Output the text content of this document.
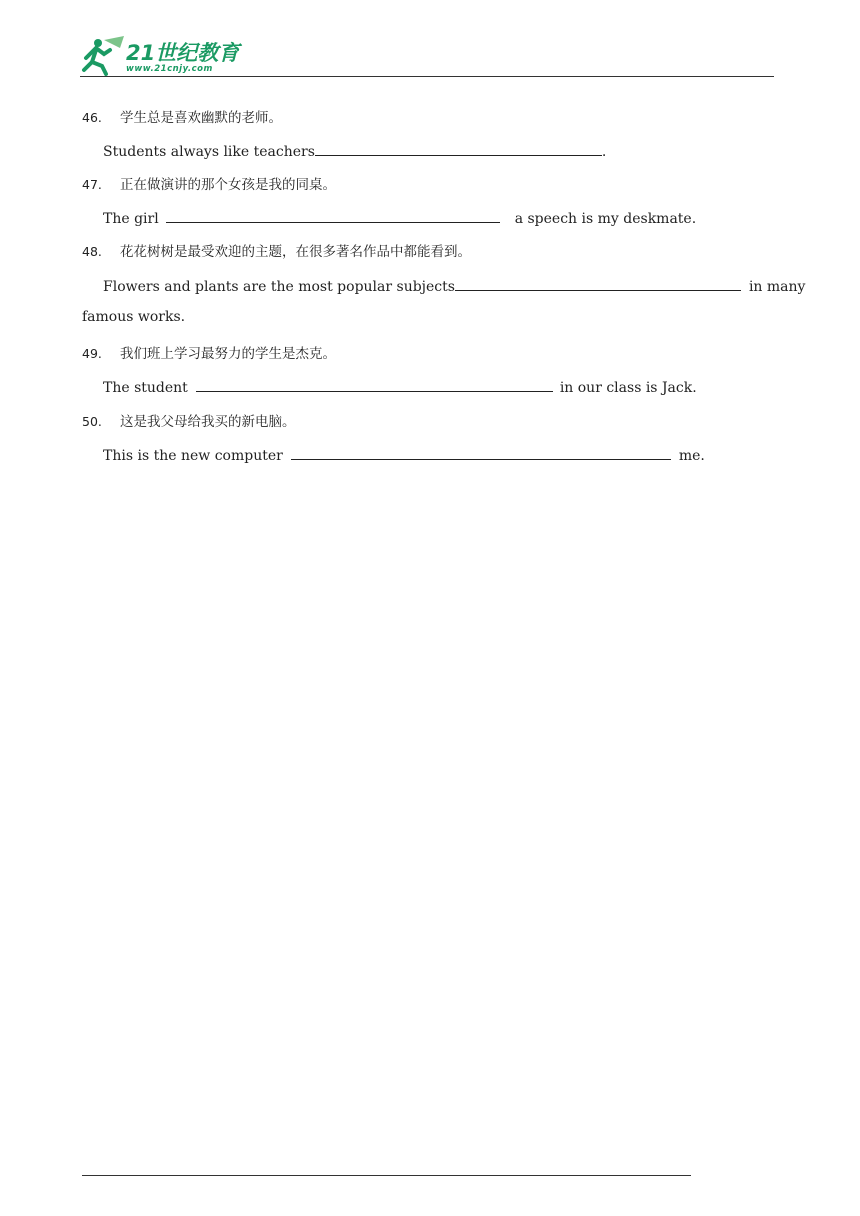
21世纪教育
www.21cnjy.com
46. 学生总是喜欢幽默的老师。
Students always like teachers	.
47. 正在做演讲的那个女孩是我的同桌。
The girl	a speech is my deskmate.
48. 花花树树是最受欢迎的主题，在很多著名作品中都能看到。
Flowers and plants are the most popular subjects	in many
famous works.
49. 我们班上学习最努力的学生是杰克。
The student	in our class is Jack.
50. 这是我父母给我买的新电脑。
This is the new computer	me.
